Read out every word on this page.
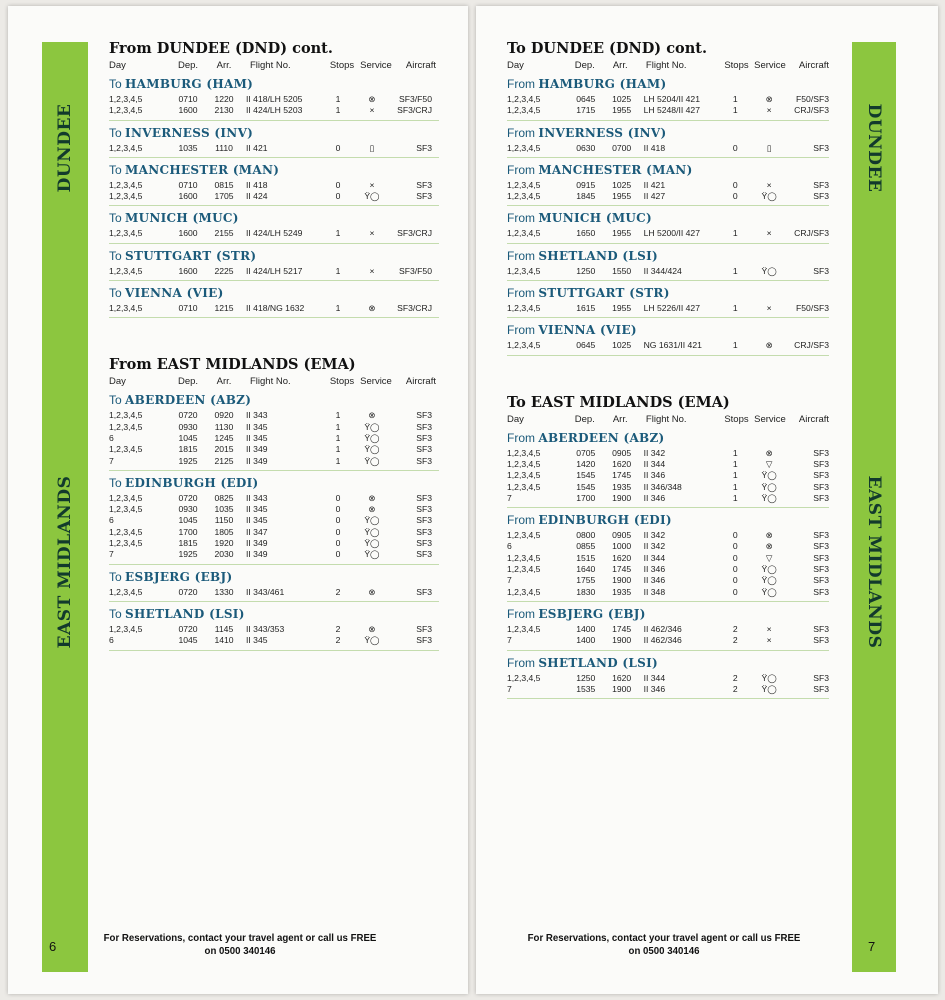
DUNDEE
EAST MIDLANDS
6
From DUNDEE (DND) cont.
Day	Dep.	Arr.	Flight No.	Stops Service	Aircraft
To HAMBURG (HAM)
1,2,3,4,5	0710	1220	II 418/LH 5205	1	⊗	SF3/F50
1,2,3,4,5	1600	2130	II 424/LH 5203	1	×	SF3/CRJ
To INVERNESS (INV)
1,2,3,4,5	1035	1110	II 421	0	▯	SF3
To MANCHESTER (MAN)
1,2,3,4,5	0710	0815	II 418	0	×	SF3
1,2,3,4,5	1600	1705	II 424	0	Ÿ◯	SF3
To MUNICH (MUC)
1,2,3,4,5	1600	2155	II 424/LH 5249	1	×	SF3/CRJ
To STUTTGART (STR)
1,2,3,4,5	1600	2225	II 424/LH 5217	1	×	SF3/F50
To VIENNA (VIE)
1,2,3,4,5	0710	1215	II 418/NG 1632	1	⊗	SF3/CRJ
From EAST MIDLANDS (EMA)
Day	Dep.	Arr.	Flight No.	Stops Service	Aircraft
To ABERDEEN (ABZ)
1,2,3,4,5	0720	0920	II 343	1	⊗	SF3
1,2,3,4,5	0930	1130	II 345	1	Ÿ◯	SF3
6	1045	1245	II 345	1	Ÿ◯	SF3
1,2,3,4,5	1815	2015	II 349	1	Ÿ◯	SF3
7	1925	2125	II 349	1	Ÿ◯	SF3
To EDINBURGH (EDI)
1,2,3,4,5	0720	0825	II 343	0	⊗	SF3
1,2,3,4,5	0930	1035	II 345	0	⊗	SF3
6	1045	1150	II 345	0	Ÿ◯	SF3
1,2,3,4,5	1700	1805	II 347	0	Ÿ◯	SF3
1,2,3,4,5	1815	1920	II 349	0	Ÿ◯	SF3
7	1925	2030	II 349	0	Ÿ◯	SF3
To ESBJERG (EBJ)
1,2,3,4,5	0720	1330	II 343/461	2	⊗	SF3
To SHETLAND (LSI)
1,2,3,4,5	0720	1145	II 343/353	2	⊗	SF3
6	1045	1410	II 345	2	Ÿ◯	SF3
For Reservations, contact your travel agent or call us FREE
on 0500 340146
DUNDEE
EAST MIDLANDS
7
To DUNDEE (DND) cont.
Day	Dep.	Arr.	Flight No.	Stops Service	Aircraft
From HAMBURG (HAM)
1,2,3,4,5	0645	1025	LH 5204/II 421	1	⊗	F50/SF3
1,2,3,4,5	1715	1955	LH 5248/II 427	1	×	CRJ/SF3
From INVERNESS (INV)
1,2,3,4,5	0630	0700	II 418	0	▯	SF3
From MANCHESTER (MAN)
1,2,3,4,5	0915	1025	II 421	0	×	SF3
1,2,3,4,5	1845	1955	II 427	0	Ÿ◯	SF3
From MUNICH (MUC)
1,2,3,4,5	1650	1955	LH 5200/II 427	1	×	CRJ/SF3
From SHETLAND (LSI)
1,2,3,4,5	1250	1550	II 344/424	1	Ÿ◯	SF3
From STUTTGART (STR)
1,2,3,4,5	1615	1955	LH 5226/II 427	1	×	F50/SF3
From VIENNA (VIE)
1,2,3,4,5	0645	1025	NG 1631/II 421	1	⊗	CRJ/SF3
To EAST MIDLANDS (EMA)
Day	Dep.	Arr.	Flight No.	Stops Service	Aircraft
From ABERDEEN (ABZ)
1,2,3,4,5	0705	0905	II 342	1	⊗	SF3
1,2,3,4,5	1420	1620	II 344	1	▽	SF3
1,2,3,4,5	1545	1745	II 346	1	Ÿ◯	SF3
1,2,3,4,5	1545	1935	II 346/348	1	Ÿ◯	SF3
7	1700	1900	II 346	1	Ÿ◯	SF3
From EDINBURGH (EDI)
1,2,3,4,5	0800	0905	II 342	0	⊗	SF3
6	0855	1000	II 342	0	⊗	SF3
1,2,3,4,5	1515	1620	II 344	0	▽	SF3
1,2,3,4,5	1640	1745	II 346	0	Ÿ◯	SF3
7	1755	1900	II 346	0	Ÿ◯	SF3
1,2,3,4,5	1830	1935	II 348	0	Ÿ◯	SF3
From ESBJERG (EBJ)
1,2,3,4,5	1400	1745	II 462/346	2	×	SF3
7	1400	1900	II 462/346	2	×	SF3
From SHETLAND (LSI)
1,2,3,4,5	1250	1620	II 344	2	Ÿ◯	SF3
7	1535	1900	II 346	2	Ÿ◯	SF3
For Reservations, contact your travel agent or call us FREE
on 0500 340146
